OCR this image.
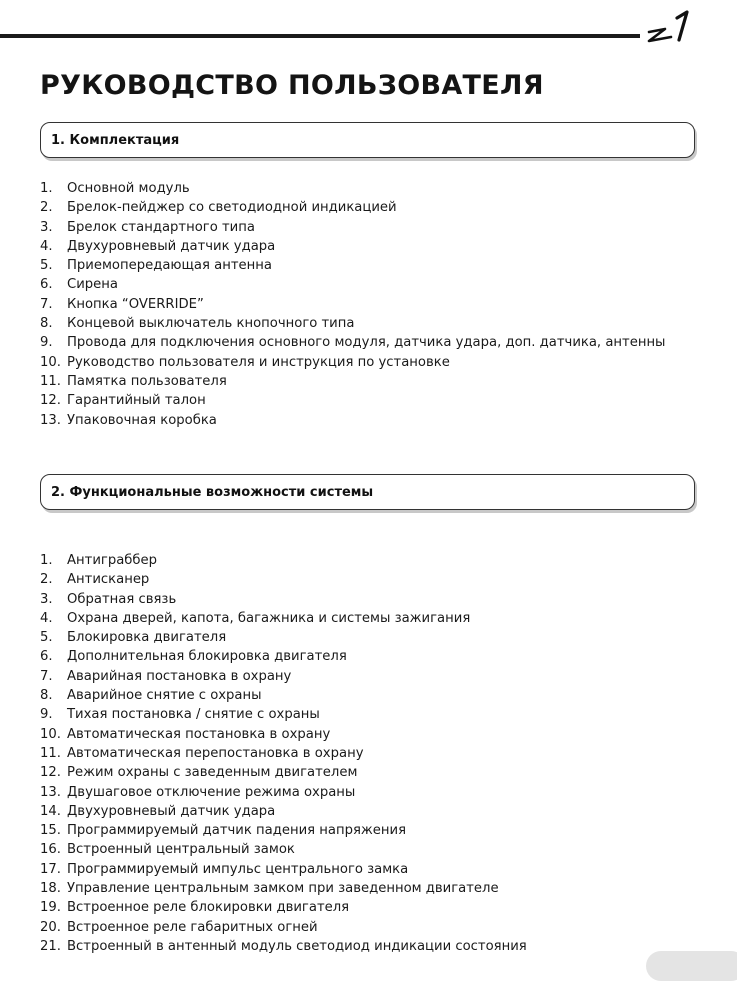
РУКОВОДСТВО ПОЛЬЗОВАТЕЛЯ
1. Комплектация
1. Основной модуль
2. Брелок-пейджер со светодиодной индикацией
3. Брелок стандартного типа
4. Двухуровневый датчик удара
5. Приемопередающая антенна
6. Сирена
7. Кнопка “OVERRIDE”
8. Концевой выключатель кнопочного типа
9. Провода для подключения основного модуля, датчика удара, доп. датчика, антенны
10. Руководство пользователя и инструкция по установке
11. Памятка пользователя
12. Гарантийный талон
13. Упаковочная коробка
2. Функциональные возможности системы
1. Антиграббер
2. Антисканер
3. Обратная связь
4. Охрана дверей, капота, багажника и системы зажигания
5. Блокировка двигателя
6. Дополнительная блокировка двигателя
7. Аварийная постановка в охрану
8. Аварийное снятие с охраны
9. Тихая постановка / снятие с охраны
10. Автоматическая постановка в охрану
11. Автоматическая перепостановка в охрану
12. Режим охраны с заведенным двигателем
13. Двушаговое отключение режима охраны
14. Двухуровневый датчик удара
15. Программируемый датчик падения напряжения
16. Встроенный центральный замок
17. Программируемый импульс центрального замка
18. Управление центральным замком при заведенном двигателе
19. Встроенное реле блокировки двигателя
20. Встроенное реле габаритных огней
21. Встроенный в антенный модуль светодиод индикации состояния
